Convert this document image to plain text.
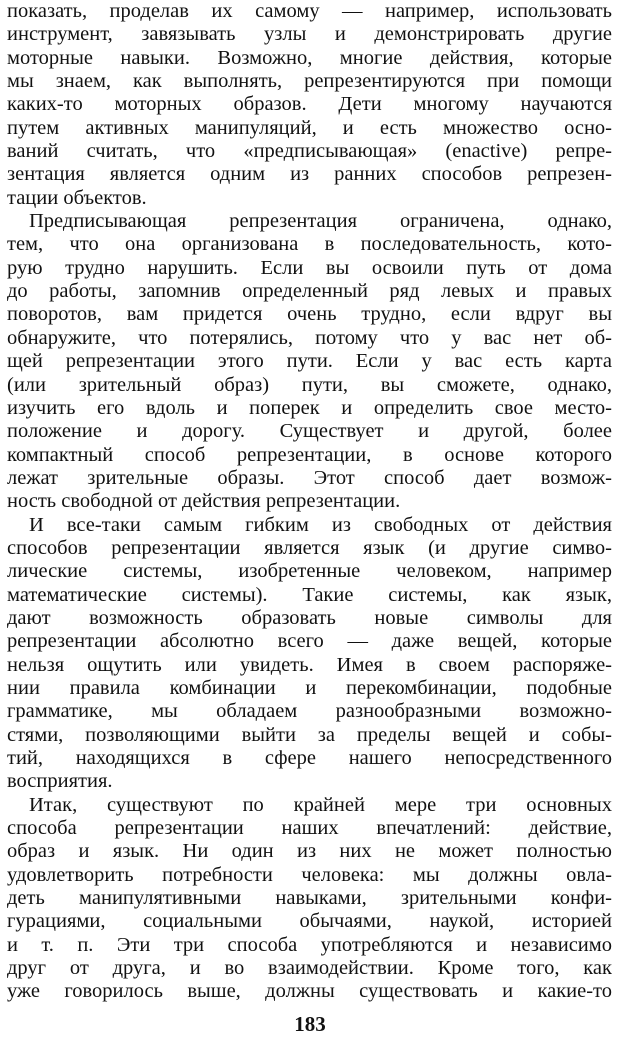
показать, проделав их самому — например, использовать
инструмент, завязывать узлы и демонстрировать другие
моторные навыки. Возможно, многие действия, которые
мы знаем, как выполнять, репрезентируются при помощи
каких-то моторных образов. Дети многому научаются
путем активных манипуляций, и есть множество осно-
ваний считать, что «предписывающая» (enactive) репре-
зентация является одним из ранних способов репрезен-
тации объектов.
Предписывающая репрезентация ограничена, однако,
тем, что она организована в последовательность, кото-
рую трудно нарушить. Если вы освоили путь от дома
до работы, запомнив определенный ряд левых и правых
поворотов, вам придется очень трудно, если вдруг вы
обнаружите, что потерялись, потому что у вас нет об-
щей репрезентации этого пути. Если у вас есть карта
(или зрительный образ) пути, вы сможете, однако,
изучить его вдоль и поперек и определить свое место-
положение и дорогу. Существует и другой, более
компактный способ репрезентации, в основе которого
лежат зрительные образы. Этот способ дает возмож-
ность свободной от действия репрезентации.
И все-таки самым гибким из свободных от действия
способов репрезентации является язык (и другие симво-
лические системы, изобретенные человеком, например
математические системы). Такие системы, как язык,
дают возможность образовать новые символы для
репрезентации абсолютно всего — даже вещей, которые
нельзя ощутить или увидеть. Имея в своем распоряже-
нии правила комбинации и перекомбинации, подобные
грамматике, мы обладаем разнообразными возможно-
стями, позволяющими выйти за пределы вещей и собы-
тий, находящихся в сфере нашего непосредственного
восприятия.
Итак, существуют по крайней мере три основных
способа репрезентации наших впечатлений: действие,
образ и язык. Ни один из них не может полностью
удовлетворить потребности человека: мы должны овла-
деть манипулятивными навыками, зрительными конфи-
гурациями, социальными обычаями, наукой, историей
и т. п. Эти три способа употребляются и независимо
друг от друга, и во взаимодействии. Кроме того, как
уже говорилось выше, должны существовать и какие-то
183
